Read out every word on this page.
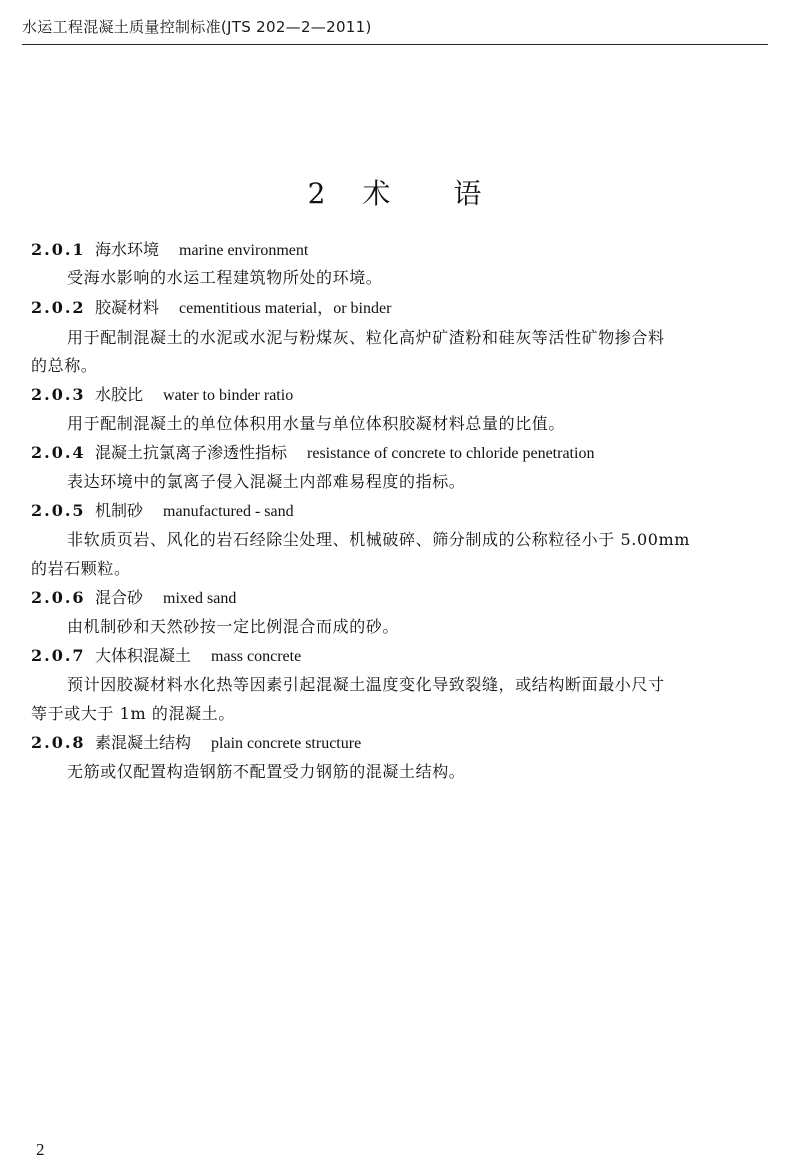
水运工程混凝土质量控制标准(JTS 202—2—2011)
2 术 语
2.0.1 海水环境 marine environment
受海水影响的水运工程建筑物所处的环境。
2.0.2 胶凝材料 cementitious material，or binder
用于配制混凝土的水泥或水泥与粉煤灰、粒化高炉矿渣粉和硅灰等活性矿物掺合料
的总称。
2.0.3 水胶比 water to binder ratio
用于配制混凝土的单位体积用水量与单位体积胶凝材料总量的比值。
2.0.4 混凝土抗氯离子渗透性指标 resistance of concrete to chloride penetration
表达环境中的氯离子侵入混凝土内部难易程度的指标。
2.0.5 机制砂 manufactured - sand
非软质页岩、风化的岩石经除尘处理、机械破碎、筛分制成的公称粒径小于 5.00mm
的岩石颗粒。
2.0.6 混合砂 mixed sand
由机制砂和天然砂按一定比例混合而成的砂。
2.0.7 大体积混凝土 mass concrete
预计因胶凝材料水化热等因素引起混凝土温度变化导致裂缝，或结构断面最小尺寸
等于或大于 1m 的混凝土。
2.0.8 素混凝土结构 plain concrete structure
无筋或仅配置构造钢筋不配置受力钢筋的混凝土结构。
2
